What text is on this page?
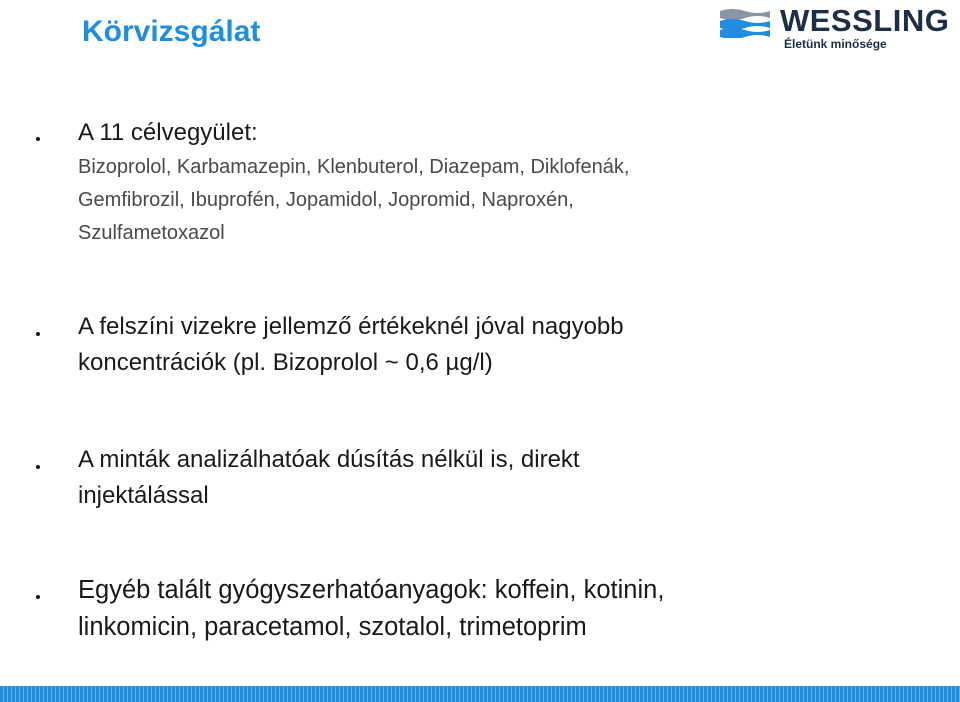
Körvizsgálat	WESSLING
Életünk minősége
A 11 célvegyület:
Bizoprolol, Karbamazepin, Klenbuterol, Diazepam, Diklofenák,
Gemfibrozil, Ibuprofén, Jopamidol, Jopromid, Naproxén,
Szulfametoxazol
A felszíni vizekre jellemző értékeknél jóval nagyobb
koncentrációk (pl. Bizoprolol ~ 0,6 µg/l)
A minták analizálhatóak dúsítás nélkül is, direkt
injektálással
Egyéb talált gyógyszerhatóanyagok: koffein, kotinin,
linkomicin, paracetamol, szotalol, trimetoprim
